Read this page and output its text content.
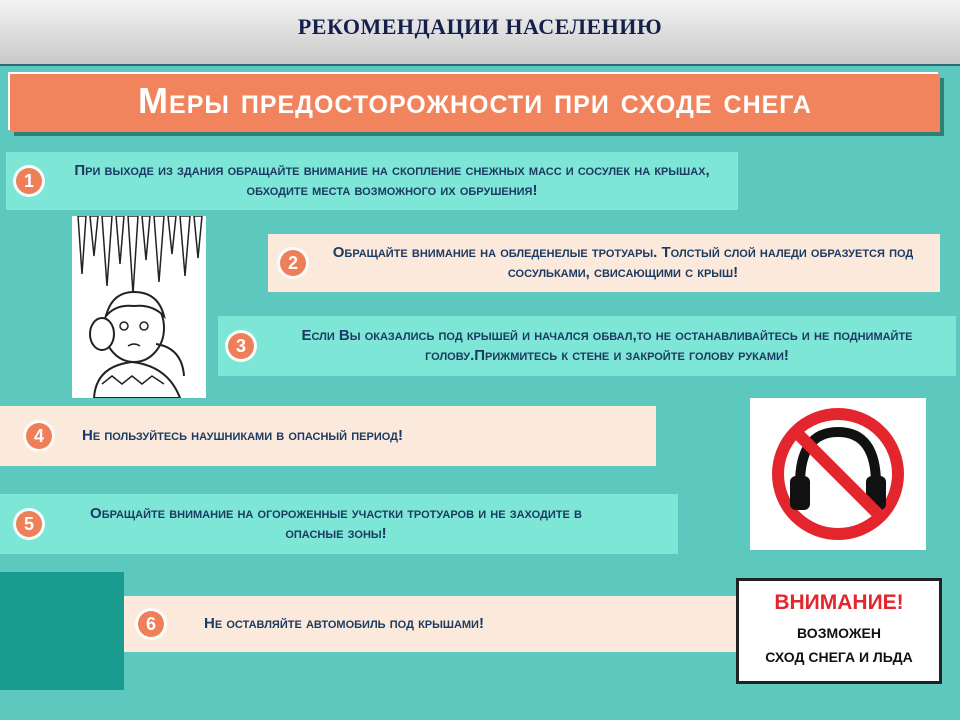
РЕКОМЕНДАЦИИ НАСЕЛЕНИЮ
Меры предосторожности при сходе снега
1	При выходе из здания обращайте внимание на скопление снежных масс и сосулек на крышах, обходите места возможного их обрушения!
2	Обращайте внимание на обледенелые тротуары. Толстый слой наледи образуется под сосульками, свисающими с крыш!
3	Если Вы оказались под крышей и начался обвал,то не останавливайтесь и не поднимайте голову.Прижмитесь к стене и закройте голову руками!
4	Не пользуйтесь наушниками в опасный период!
5	Обращайте внимание на огороженные участки тротуаров и не заходите в опасные зоны!
6	Не оставляйте автомобиль под крышами!
ВНИМАНИЕ!
ВОЗМОЖЕН
СХОД СНЕГА И ЛЬДА
